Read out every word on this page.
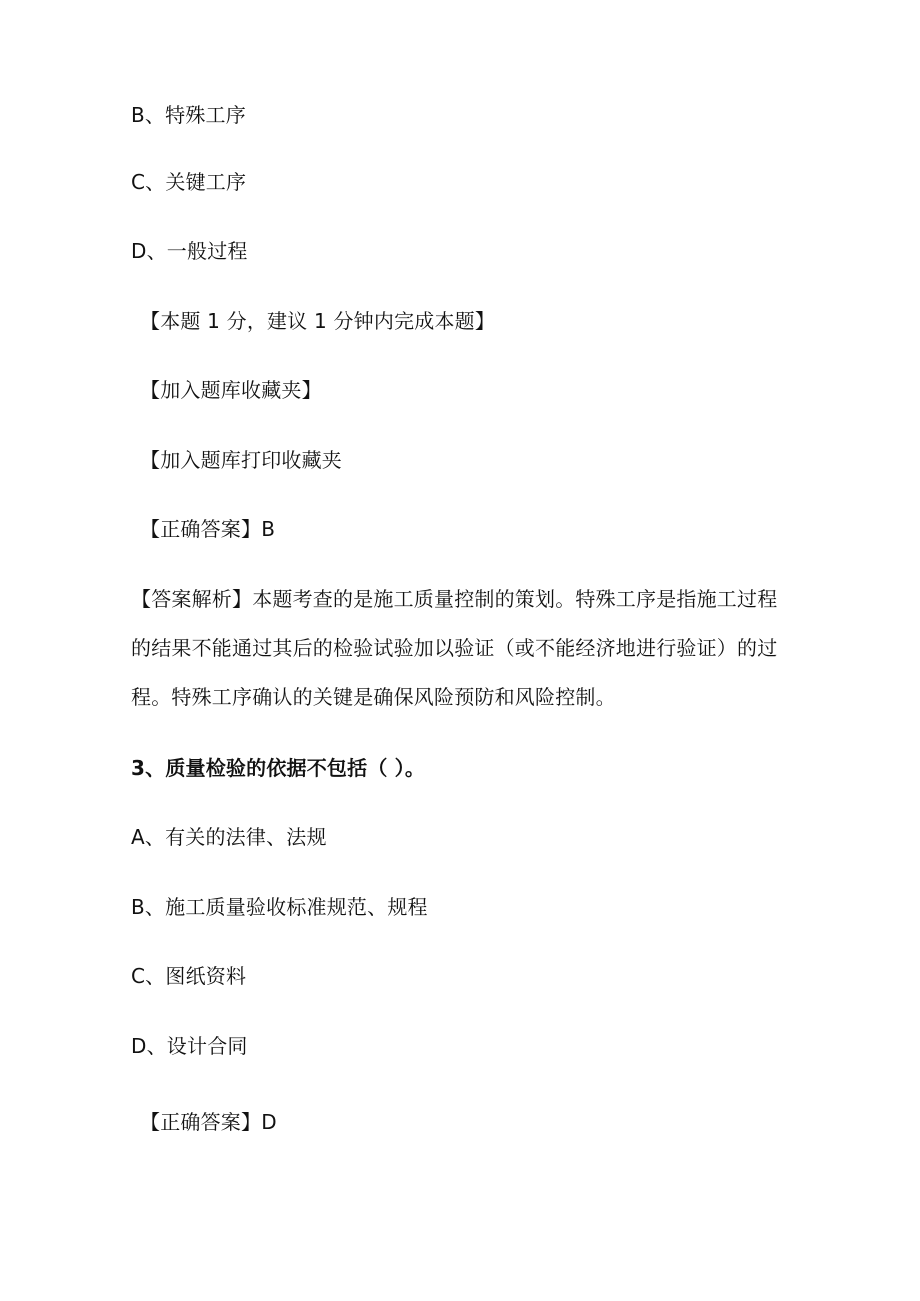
B、特殊工序
C、关键工序
D、一般过程
【本题 1 分，建议 1 分钟内完成本题】
【加入题库收藏夹】
【加入题库打印收藏夹
【正确答案】B
【答案解析】本题考查的是施工质量控制的策划。特殊工序是指施工过程
的结果不能通过其后的检验试验加以验证（或不能经济地进行验证）的过
程。特殊工序确认的关键是确保风险预防和风险控制。
3、质量检验的依据不包括（ ）。
A、有关的法律、法规
B、施工质量验收标准规范、规程
C、图纸资料
D、设计合同
【正确答案】D
